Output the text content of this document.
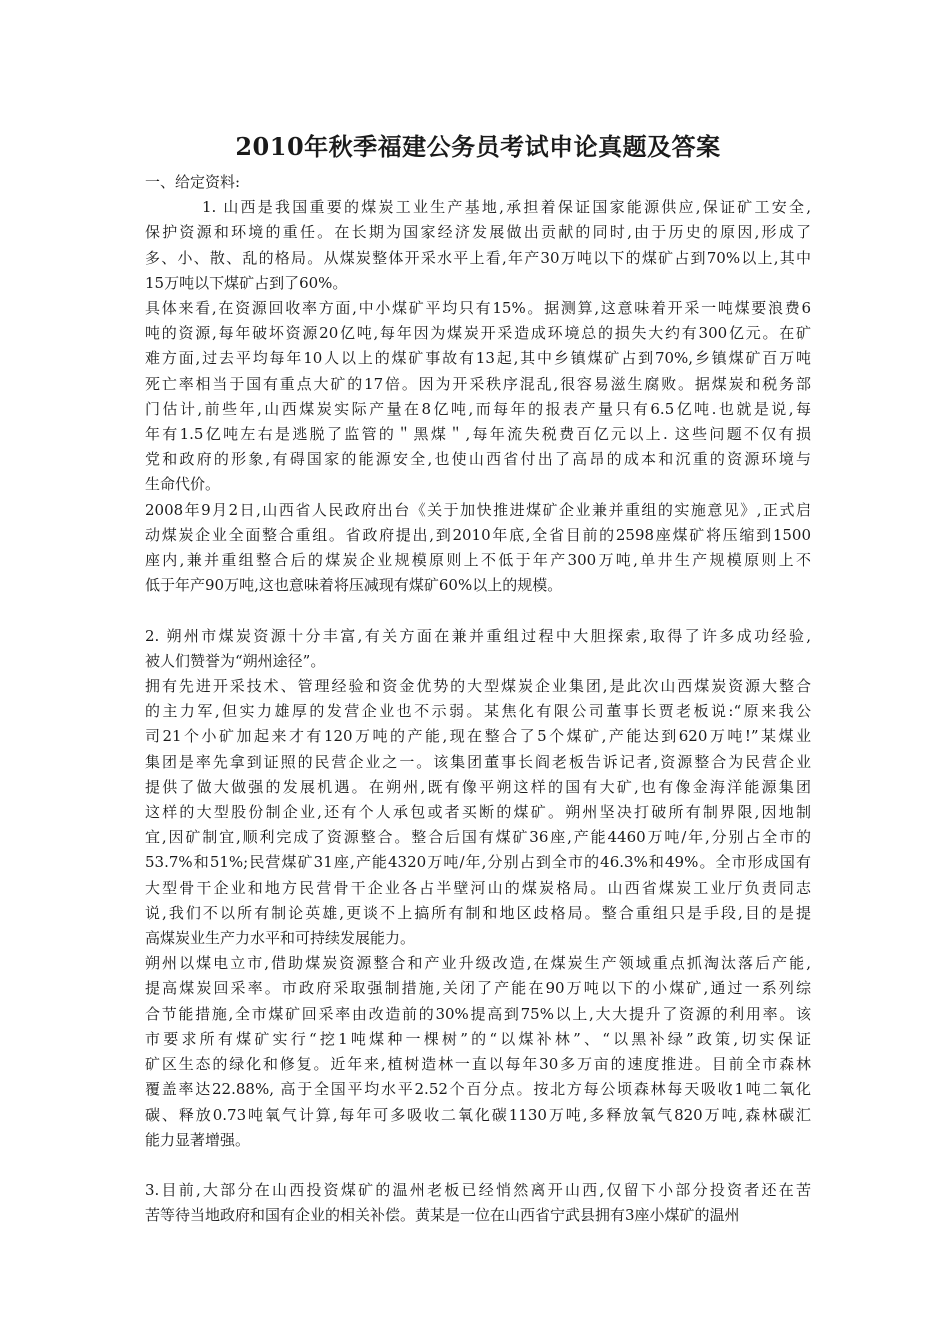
2010年秋季福建公务员考试申论真题及答案

一、给定资料:

1. 山西是我国重要的煤炭工业生产基地,承担着保证国家能源供应,保证矿工安全,

保护资源和环境的重任。在长期为国家经济发展做出贡献的同时,由于历史的原因,形成了

多、小、散、乱的格局。从煤炭整体开采水平上看,年产30万吨以下的煤矿占到70%以上,其中

15万吨以下煤矿占到了60%。

具体来看,在资源回收率方面,中小煤矿平均只有15%。据测算,这意味着开采一吨煤要浪费6

吨的资源,每年破坏资源20亿吨,每年因为煤炭开采造成环境总的损失大约有300亿元。在矿

难方面,过去平均每年10人以上的煤矿事故有13起,其中乡镇煤矿占到70%,乡镇煤矿百万吨

死亡率相当于国有重点大矿的17倍。因为开采秩序混乱,很容易滋生腐败。据煤炭和税务部

门估计,前些年,山西煤炭实际产量在8亿吨,而每年的报表产量只有6.5亿吨.也就是说,每

年有1.5亿吨左右是逃脱了监管的＂黑煤＂,每年流失税费百亿元以上. 这些问题不仅有损

党和政府的形象,有碍国家的能源安全,也使山西省付出了高昂的成本和沉重的资源环境与

生命代价。

2008年9月2日,山西省人民政府出台《关于加快推进煤矿企业兼并重组的实施意见》,正式启

动煤炭企业全面整合重组。省政府提出,到2010年底,全省目前的2598座煤矿将压缩到1500

座内,兼并重组整合后的煤炭企业规模原则上不低于年产300万吨,单井生产规模原则上不

低于年产90万吨,这也意味着将压减现有煤矿60%以上的规模。

2. 朔州市煤炭资源十分丰富,有关方面在兼并重组过程中大胆探索,取得了许多成功经验,

被人们赞誉为“朔州途径”。

拥有先进开采技术、管理经验和资金优势的大型煤炭企业集团,是此次山西煤炭资源大整合

的主力军,但实力雄厚的发营企业也不示弱。某焦化有限公司董事长贾老板说:“原来我公

司21个小矿加起来才有120万吨的产能,现在整合了5个煤矿,产能达到620万吨!”某煤业

集团是率先拿到证照的民营企业之一。该集团董事长阎老板告诉记者,资源整合为民营企业

提供了做大做强的发展机遇。在朔州,既有像平朔这样的国有大矿,也有像金海洋能源集团

这样的大型股份制企业,还有个人承包或者买断的煤矿。朔州坚决打破所有制界限,因地制

宜,因矿制宜,顺利完成了资源整合。整合后国有煤矿36座,产能4460万吨/年,分别占全市的

53.7%和51%;民营煤矿31座,产能4320万吨/年,分别占到全市的46.3%和49%。全市形成国有

大型骨干企业和地方民营骨干企业各占半壁河山的煤炭格局。山西省煤炭工业厅负责同志

说,我们不以所有制论英雄,更谈不上搞所有制和地区歧格局。整合重组只是手段,目的是提

高煤炭业生产力水平和可持续发展能力。

朔州以煤电立市,借助煤炭资源整合和产业升级改造,在煤炭生产领域重点抓淘汰落后产能,

提高煤炭回采率。市政府采取强制措施,关闭了产能在90万吨以下的小煤矿,通过一系列综

合节能措施,全市煤矿回采率由改造前的30%提高到75%以上,大大提升了资源的利用率。该

市要求所有煤矿实行“挖1吨煤种一棵树”的“以煤补林”、“以黑补绿”政策,切实保证

矿区生态的绿化和修复。近年来,植树造林一直以每年30多万亩的速度推进。目前全市森林

覆盖率达22.88%, 高于全国平均水平2.52个百分点。按北方每公顷森林每天吸收1吨二氧化

碳、释放0.73吨氧气计算,每年可多吸收二氧化碳1130万吨,多释放氧气820万吨,森林碳汇

能力显著增强。

3.目前,大部分在山西投资煤矿的温州老板已经悄然离开山西,仅留下小部分投资者还在苦

苦等待当地政府和国有企业的相关补偿。黄某是一位在山西省宁武县拥有3座小煤矿的温州
